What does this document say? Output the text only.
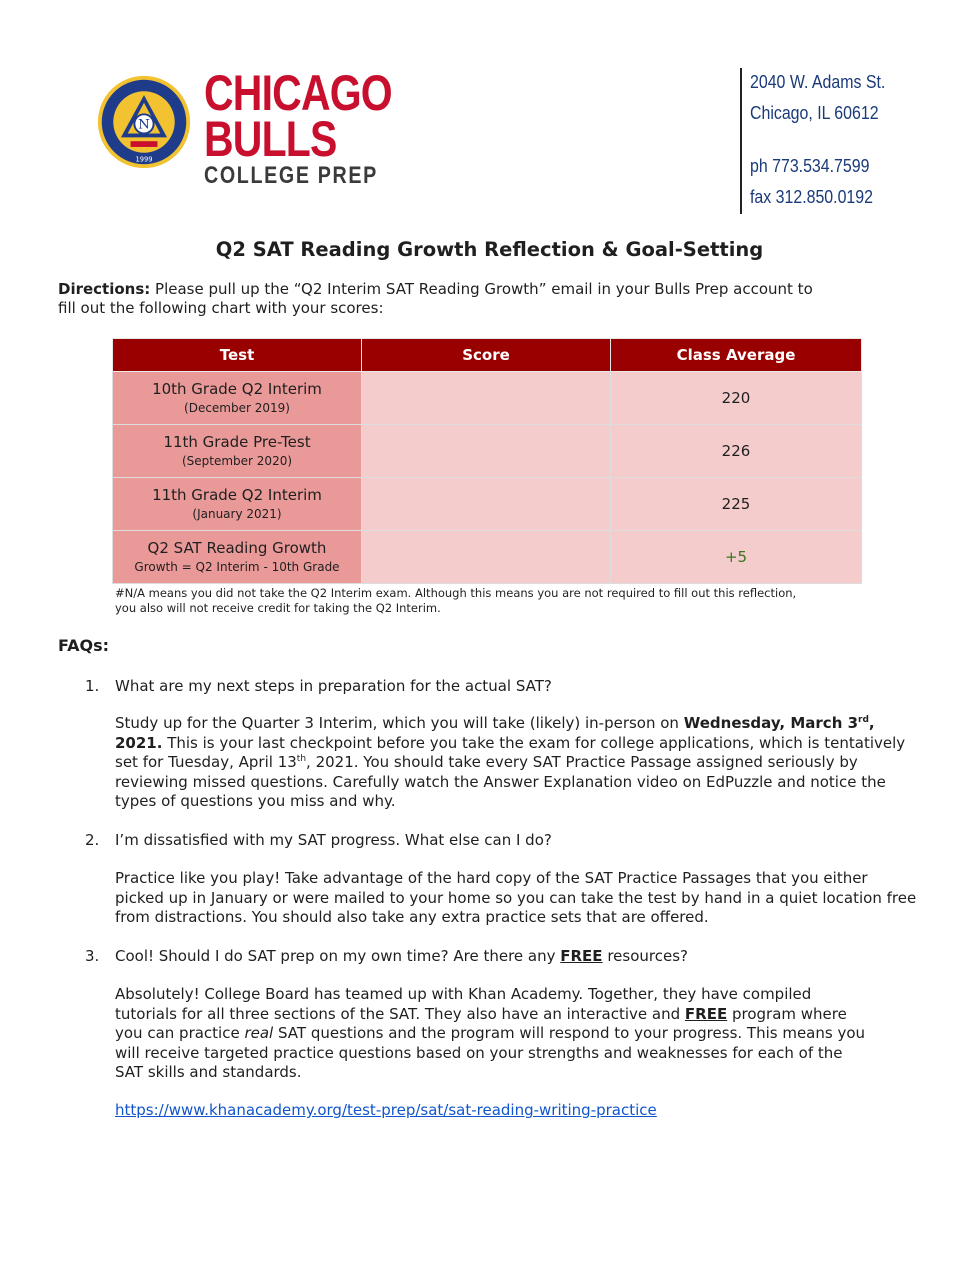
N
1999
CHICAGO
BULLS
COLLEGE PREP
2040 W. Adams St.
Chicago, IL 60612
ph 773.534.7599
fax 312.850.0192
Q2 SAT Reading Growth Reflection & Goal-Setting
Directions: Please pull up the “Q2 Interim SAT Reading Growth” email in your Bulls Prep account to fill out the following chart with your scores:
Test	Score	Class Average

10th Grade Q2 Interim
(December 2019)		220

11th Grade Pre-Test
(September 2020)		226

11th Grade Q2 Interim
(January 2021)		225

Q2 SAT Reading Growth
Growth = Q2 Interim - 10th Grade		+5
#N/A means you did not take the Q2 Interim exam. Although this means you are not required to fill out this reflection, you also will not receive credit for taking the Q2 Interim.
FAQs:
1. What are my next steps in preparation for the actual SAT?
Study up for the Quarter 3 Interim, which you will take (likely) in-person on Wednesday, March 3rd, 2021. This is your last checkpoint before you take the exam for college applications, which is tentatively set for Tuesday, April 13th, 2021. You should take every SAT Practice Passage assigned seriously by reviewing missed questions. Carefully watch the Answer Explanation video on EdPuzzle and notice the types of questions you miss and why.
2. I’m dissatisfied with my SAT progress. What else can I do?
Practice like you play! Take advantage of the hard copy of the SAT Practice Passages that you either picked up in January or were mailed to your home so you can take the test by hand in a quiet location free from distractions. You should also take any extra practice sets that are offered.
3. Cool! Should I do SAT prep on my own time? Are there any FREE resources?
Absolutely! College Board has teamed up with Khan Academy. Together, they have compiled tutorials for all three sections of the SAT. They also have an interactive and FREE program where you can practice real SAT questions and the program will respond to your progress. This means you will receive targeted practice questions based on your strengths and weaknesses for each of the SAT skills and standards.
https://www.khanacademy.org/test-prep/sat/sat-reading-writing-practice
